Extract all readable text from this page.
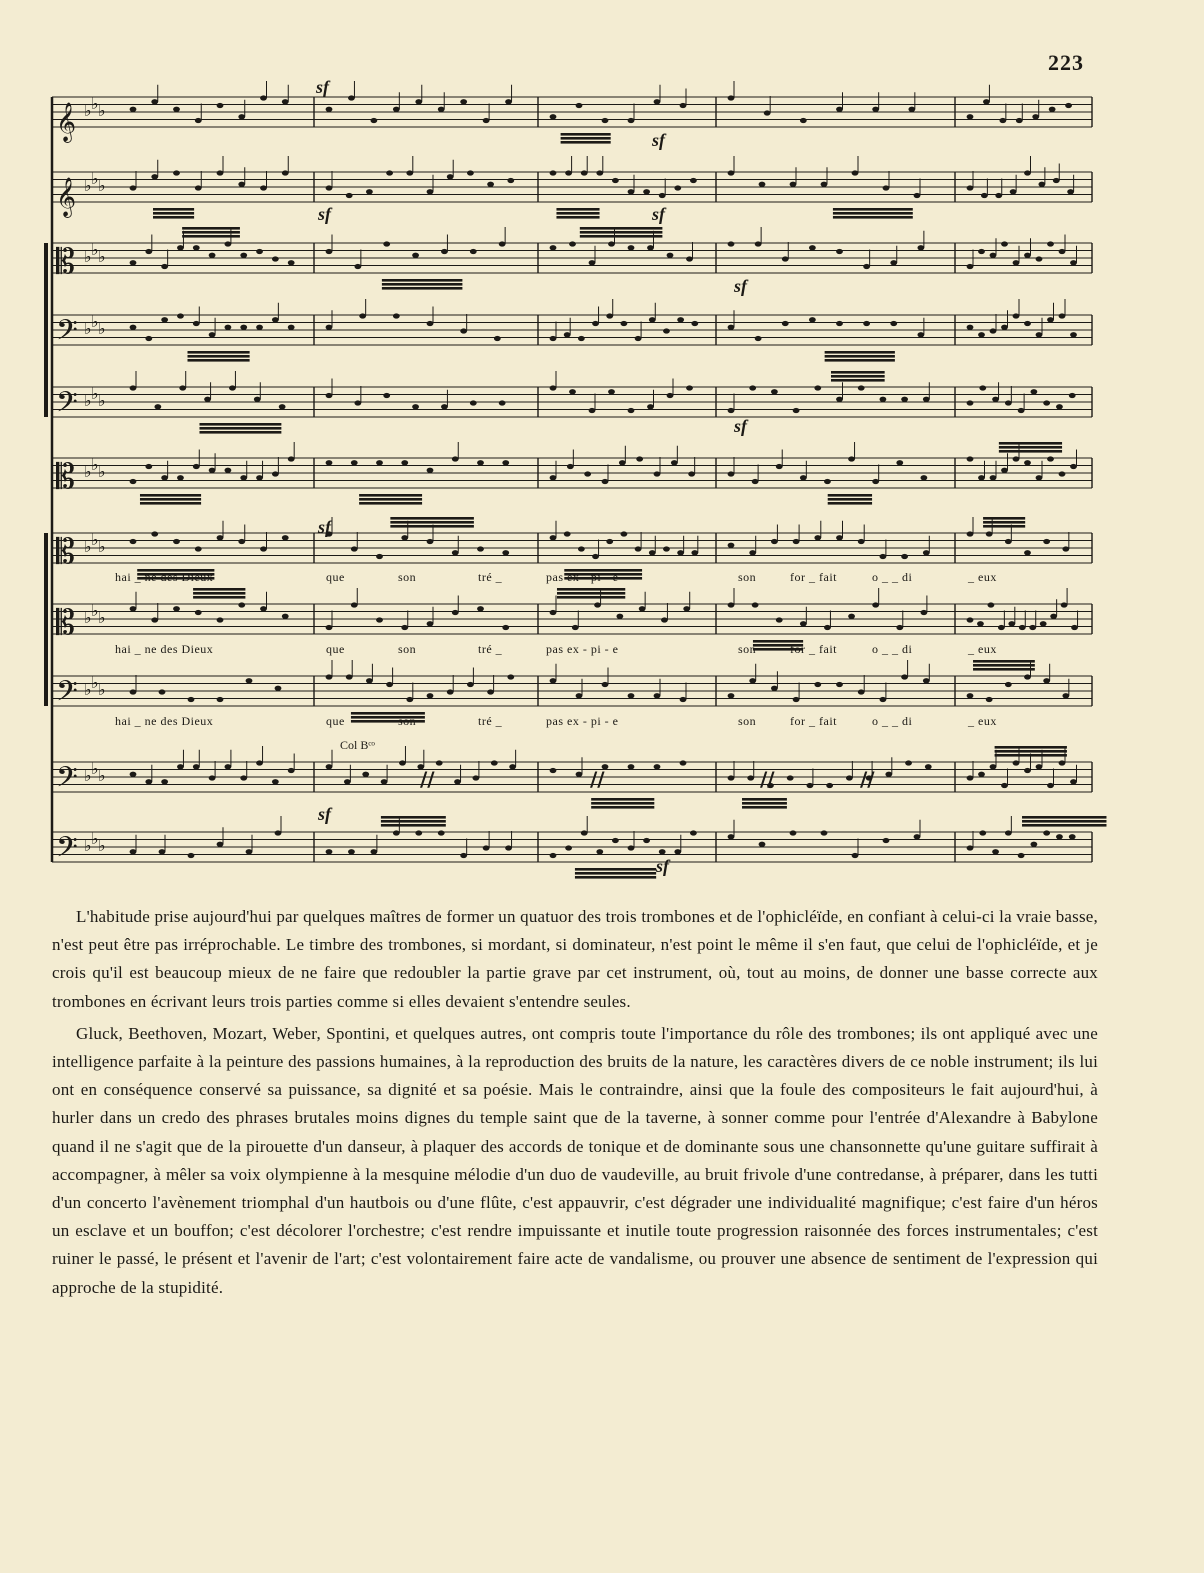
223
𝄞 ♭ ♭ ♭
𝄞 ♭ ♭ ♭
𝄡 ♭ ♭ ♭
𝄢 ♭ ♭ ♭
𝄢 ♭ ♭ ♭
𝄡 ♭ ♭ ♭
𝄡 ♭ ♭ ♭
𝄡 ♭ ♭ ♭
𝄢 ♭ ♭ ♭
𝄢 ♭ ♭ ♭
𝄢 ♭ ♭ ♭
//	//	//	//
hai _ ne des Dieux	que	son	tré _	pas ex - pi - e	son	for _ fait	o _ _ di	_ eux
hai _ ne des Dieux	que	son	tré _	pas ex - pi - e	son	for _ fait	o _ _ di	_ eux
hai _ ne des Dieux	que	son	tré _	pas ex - pi - e	son	for _ fait	o _ _ di	_ eux
sf
sf
sf	sf
sf
sf
sf
sf
sf
Col Bᶜᵒ

L'habitude prise aujourd'hui par quelques maîtres de former un quatuor des trois trombones et de l'ophicléïde, en confiant à celui-ci la vraie basse, n'est peut être pas irréprochable. Le timbre des trombones, si mordant, si dominateur, n'est point le même il s'en faut, que celui de l'ophicléïde, et je crois qu'il est beaucoup mieux de ne faire que redoubler la partie grave par cet instrument, où, tout au moins, de donner une basse correcte aux trombones en écrivant leurs trois parties comme si elles devaient s'entendre seules.

Gluck, Beethoven, Mozart, Weber, Spontini, et quelques autres, ont compris toute l'importance du rôle des trombones; ils ont appliqué avec une intelligence parfaite à la peinture des passions humaines, à la reproduction des bruits de la nature, les caractères divers de ce noble instrument; ils lui ont en conséquence conservé sa puissance, sa dignité et sa poésie. Mais le contraindre, ainsi que la foule des compositeurs le fait aujourd'hui, à hurler dans un credo des phrases brutales moins dignes du temple saint que de la taverne, à sonner comme pour l'entrée d'Alexandre à Babylone quand il ne s'agit que de la pirouette d'un danseur, à plaquer des accords de tonique et de dominante sous une chansonnette qu'une guitare suffirait à accompagner, à mêler sa voix olympienne à la mesquine mélodie d'un duo de vaudeville, au bruit frivole d'une contredanse, à préparer, dans les tutti d'un concerto l'avènement triomphal d'un hautbois ou d'une flûte, c'est appauvrir, c'est dégrader une individualité magnifique; c'est faire d'un héros un esclave et un bouffon; c'est décolorer l'orchestre; c'est rendre impuissante et inutile toute progression raisonnée des forces instrumentales; c'est ruiner le passé, le présent et l'avenir de l'art; c'est volontairement faire acte de vandalisme, ou prouver une absence de sentiment de l'expression qui approche de la stupidité.
